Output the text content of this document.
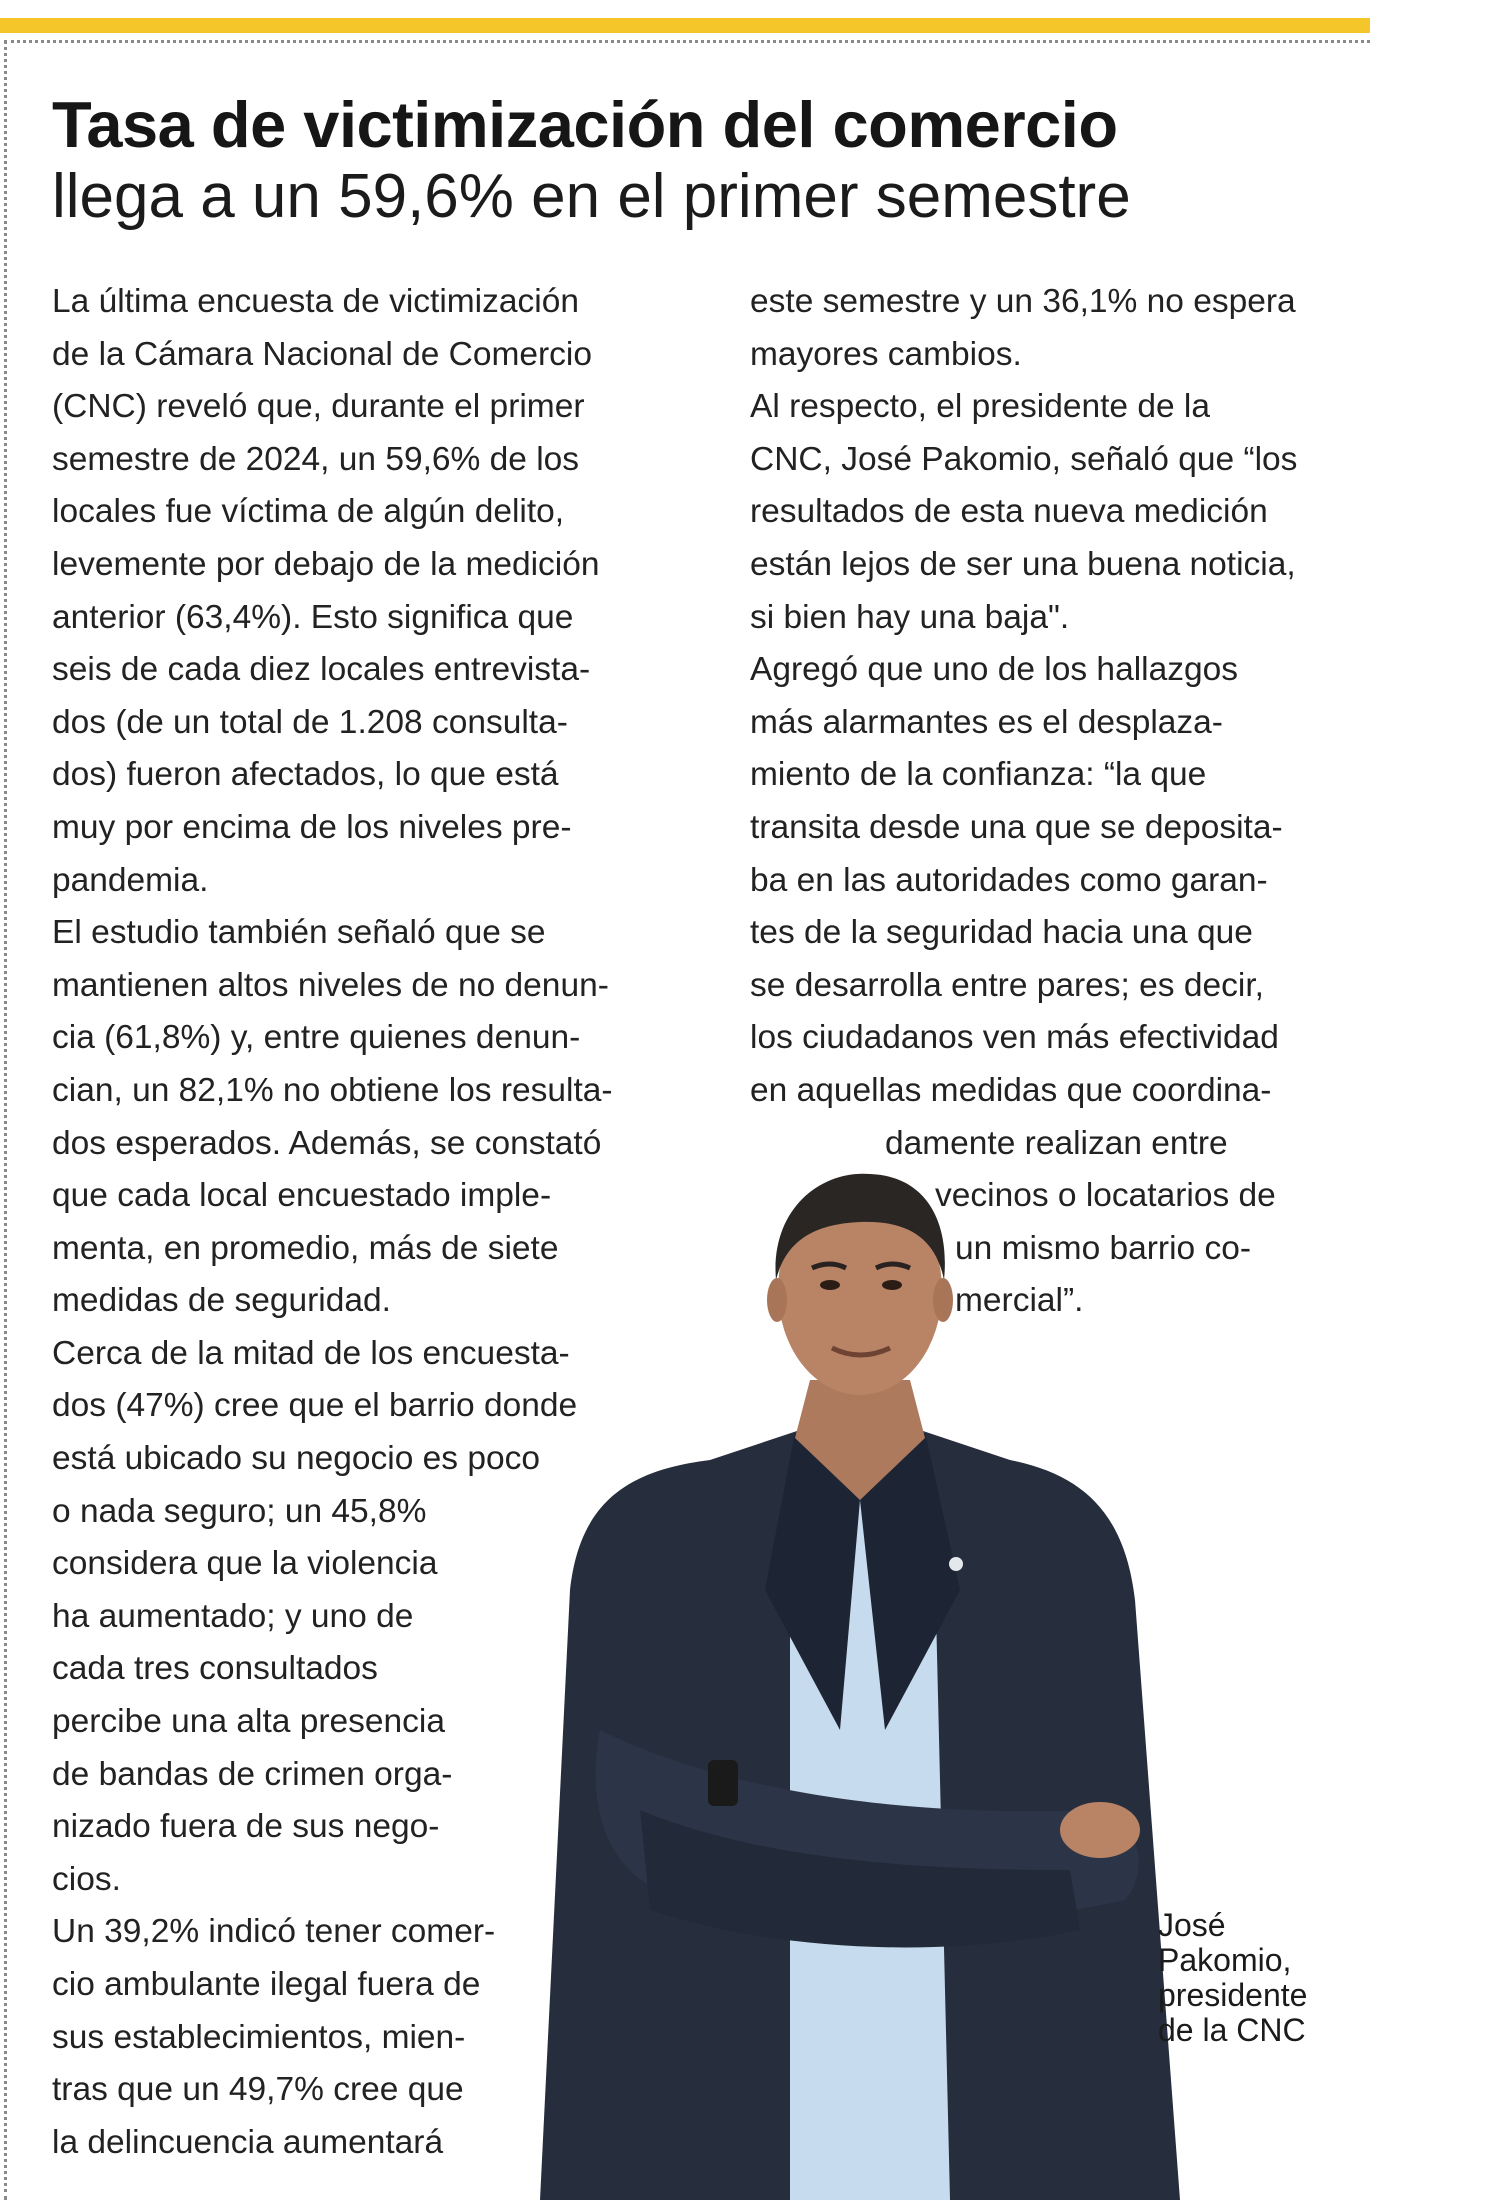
Tasa de victimización del comercio
llega a un 59,6% en el primer semestre

La última encuesta de victimización
de la Cámara Nacional de Comercio
(CNC) reveló que, durante el primer
semestre de 2024, un 59,6% de los
locales fue víctima de algún delito,
levemente por debajo de la medición
anterior (63,4%). Esto significa que
seis de cada diez locales entrevista-
dos (de un total de 1.208 consulta-
dos) fueron afectados, lo que está
muy por encima de los niveles pre-
pandemia.

El estudio también señaló que se
mantienen altos niveles de no denun-
cia (61,8%) y, entre quienes denun-
cian, un 82,1% no obtiene los resulta-
dos esperados. Además, se constató
que cada local encuestado imple-
menta, en promedio, más de siete
medidas de seguridad.

Cerca de la mitad de los encuesta-
dos (47%) cree que el barrio donde
está ubicado su negocio es poco
o nada seguro; un 45,8%
considera que la violencia
ha aumentado; y uno de
cada tres consultados
percibe una alta presencia
de bandas de crimen orga-
nizado fuera de sus nego-
cios.

Un 39,2% indicó tener comer-
cio ambulante ilegal fuera de
sus establecimientos, mien-
tras que un 49,7% cree que
la delincuencia aumentará

este semestre y un 36,1% no espera
mayores cambios.

Al respecto, el presidente de la
CNC, José Pakomio, señaló que “los
resultados de esta nueva medición
están lejos de ser una buena noticia,
si bien hay una baja".

Agregó que uno de los hallazgos
más alarmantes es el desplaza-
miento de la confianza: “la que
transita desde una que se deposita-
ba en las autoridades como garan-
tes de la seguridad hacia una que
se desarrolla entre pares; es decir,
los ciudadanos ven más efectividad
en aquellas medidas que coordina-

damente realizan entre

vecinos o locatarios de

un mismo barrio co-

mercial”.

José
Pakomio,
presidente
de la CNC
